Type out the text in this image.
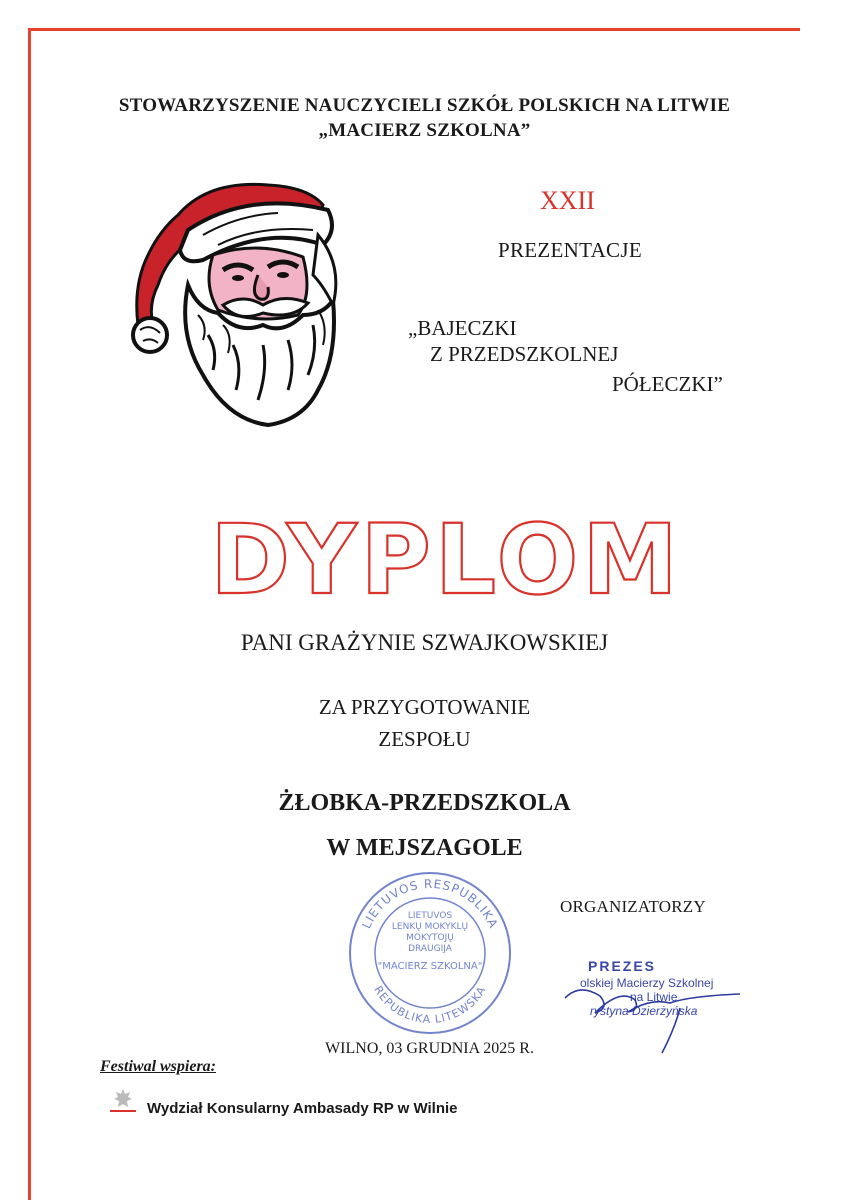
STOWARZYSZENIE NAUCZYCIELI SZKÓŁ POLSKICH NA LITWIE
„MACIERZ SZKOLNA”
XXII
PREZENTACJE
„BAJECZKI
Z PRZEDSZKOLNEJ
PÓŁECZKI”
DYPLOM
PANI GRAŻYNIE SZWAJKOWSKIEJ
ZA PRZYGOTOWANIE
ZESPOŁU
ŻŁOBKA-PRZEDSZKOLA
W MEJSZAGOLE
LIETUVOS RESPUBLIKA
REPUBLIKA LITEWSKA
LIETUVOS
LENKŲ MOKYKLŲ
MOKYTOJŲ
DRAUGIJA
"MACIERZ SZKOLNA"
ORGANIZATORZY
PREZES
olskiej Macierzy Szkolnej
na Litwie
rystyna Dzierżyńska
WILNO, 03 GRUDNIA 2025 R.
Festiwal wspiera:
Wydział Konsularny Ambasady RP w Wilnie
